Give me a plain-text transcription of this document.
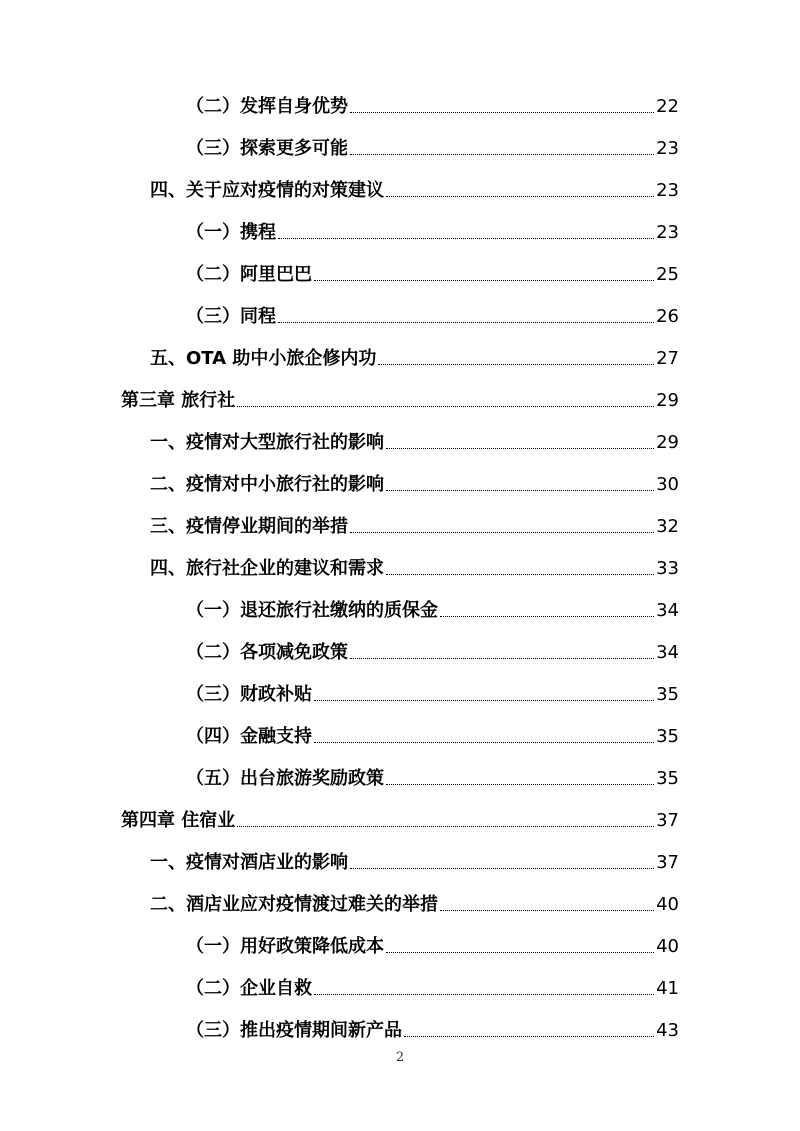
（二）发挥自身优势	22
（三）探索更多可能	23
四、关于应对疫情的对策建议	23
（一）携程	23
（二）阿里巴巴	25
（三）同程	26
五、OTA 助中小旅企修内功	27
第三章 旅行社	29
一、疫情对大型旅行社的影响	29
二、疫情对中小旅行社的影响	30
三、疫情停业期间的举措	32
四、旅行社企业的建议和需求	33
（一）退还旅行社缴纳的质保金	34
（二）各项减免政策	34
（三）财政补贴	35
（四）金融支持	35
（五）出台旅游奖励政策	35
第四章 住宿业	37
一、疫情对酒店业的影响	37
二、酒店业应对疫情渡过难关的举措	40
（一）用好政策降低成本	40
（二）企业自救	41
（三）推出疫情期间新产品	43
2
